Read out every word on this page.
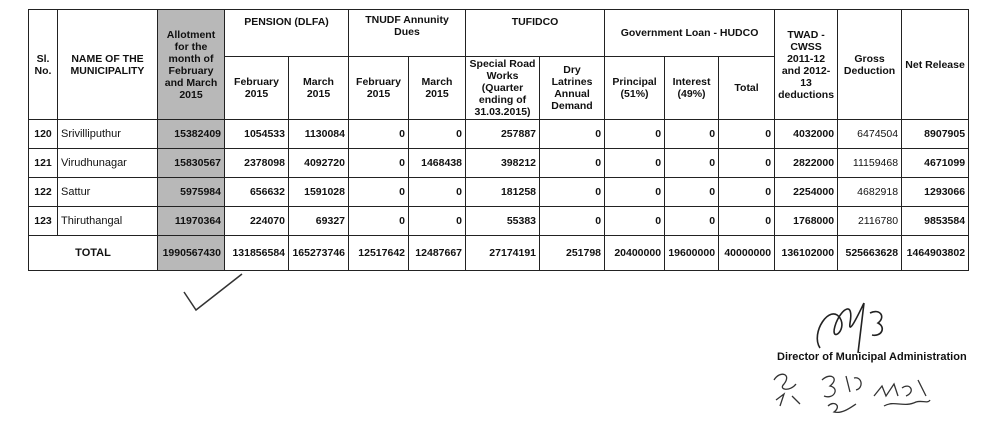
Sl. No.	NAME OF THE MUNICIPALITY	Allotment for the month of February and March 2015	PENSION (DLFA)		TNUDF Annunity Dues		TUFIDCO		Government Loan - HUDCO			TWAD - CWSS 2011-12 and 2012-13 deductions	Gross Deduction	Net Release
			February 2015	March 2015	February 2015	March 2015	Special Road Works (Quarter ending of 31.03.2015)	Dry Latrines Annual Demand	Principal (51%)	Interest (49%)	Total			
120	Srivilliputhur	15382409	1054533	1130084	0	0	257887	0	0	0	0	4032000	6474504	8907905
121	Virudhunagar	15830567	2378098	4092720	0	1468438	398212	0	0	0	0	2822000	11159468	4671099
122	Sattur	5975984	656632	1591028	0	0	181258	0	0	0	0	2254000	4682918	1293066
123	Thiruthangal	11970364	224070	69327	0	0	55383	0	0	0	0	1768000	2116780	9853584
TOTAL		1990567430	131856584	165273746	12517642	12487667	27174191	251798	20400000	19600000	40000000	136102000	525663628	1464903802
Director of Municipal Administration
